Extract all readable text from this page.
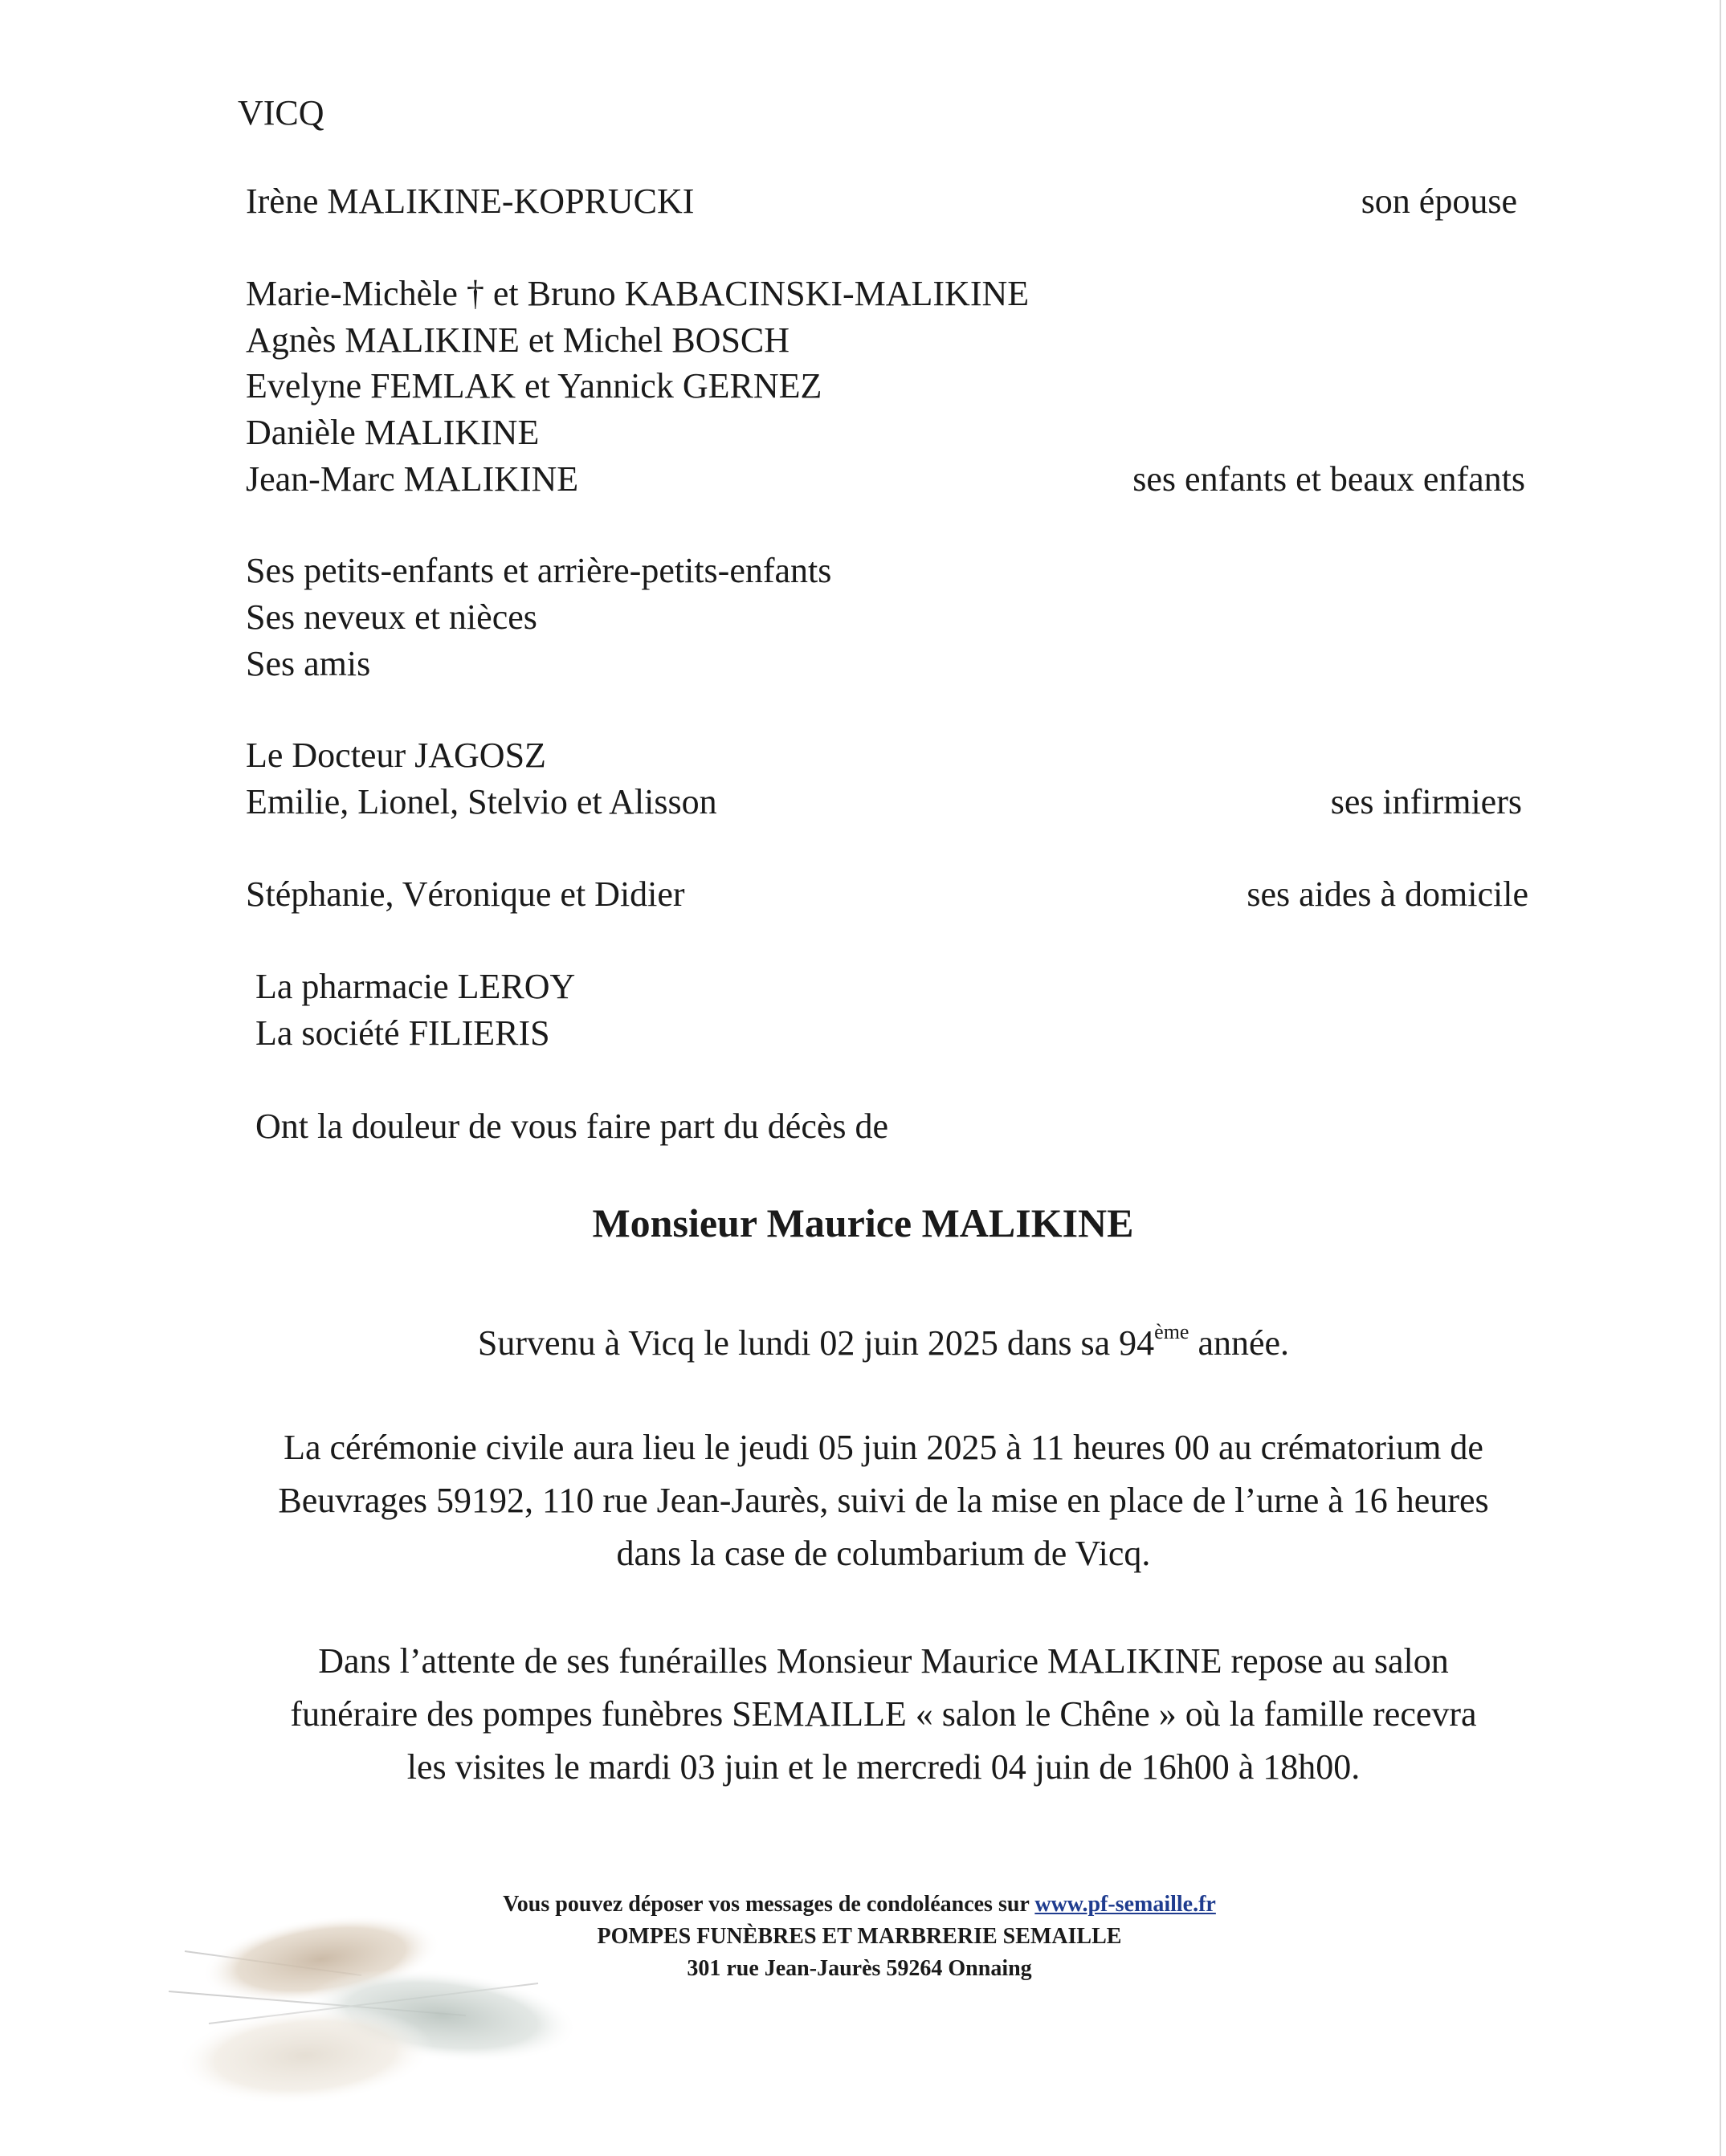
VICQ
Irène MALIKINE-KOPRUCKI	son épouse
Marie-Michèle † et Bruno KABACINSKI-MALIKINE
Agnès MALIKINE et Michel BOSCH
Evelyne FEMLAK et Yannick GERNEZ
Danièle MALIKINE
Jean-Marc MALIKINE	ses enfants et beaux enfants
Ses petits-enfants et arrière-petits-enfants
Ses neveux et nièces
Ses amis
Le Docteur JAGOSZ
Emilie, Lionel, Stelvio et Alisson	ses infirmiers
Stéphanie, Véronique et Didier	ses aides à domicile
La pharmacie LEROY
La société FILIERIS
Ont la douleur de vous faire part du décès de
Monsieur Maurice MALIKINE
Survenu à Vicq le lundi 02 juin 2025 dans sa 94ème année.
La cérémonie civile aura lieu le jeudi 05 juin 2025 à 11 heures 00 au crématorium de
Beuvrages 59192, 110 rue Jean-Jaurès, suivi de la mise en place de l’urne à 16 heures
dans la case de columbarium de Vicq.
Dans l’attente de ses funérailles Monsieur Maurice MALIKINE repose au salon
funéraire des pompes funèbres SEMAILLE « salon le Chêne » où la famille recevra
les visites le mardi 03 juin et le mercredi 04 juin de 16h00 à 18h00.
Vous pouvez déposer vos messages de condoléances sur www.pf-semaille.fr
POMPES FUNÈBRES ET MARBRERIE SEMAILLE
301 rue Jean-Jaurès 59264 Onnaing
